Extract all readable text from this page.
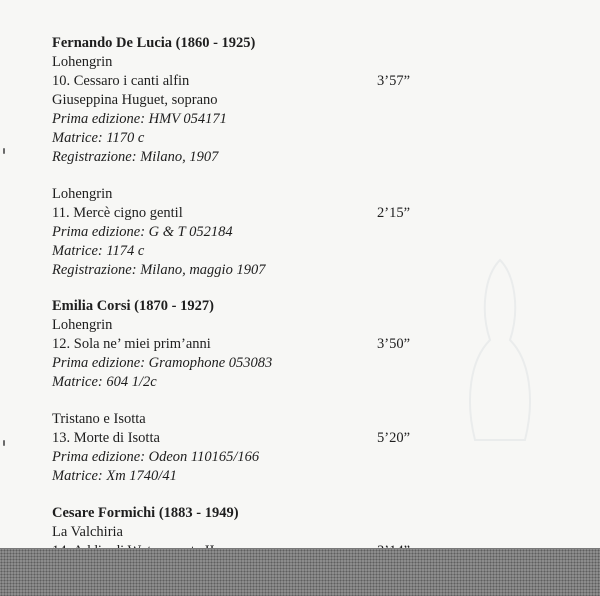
Fernando De Lucia (1860 - 1925)
Lohengrin
10. Cessaro i canti alfin	3’57”
Giuseppina Huguet, soprano
Prima edizione: HMV 054171
Matrice: 1170 c
Registrazione: Milano, 1907
Lohengrin
11. Mercè cigno gentil	2’15”
Prima edizione: G & T 052184
Matrice: 1174 c
Registrazione: Milano, maggio 1907
Emilia Corsi (1870 - 1927)
Lohengrin
12. Sola ne’ miei prim’anni	3’50”
Prima edizione: Gramophone 053083
Matrice: 604 1/2c
Tristano e Isotta
13. Morte di Isotta	5’20”
Prima edizione: Odeon 110165/166
Matrice: Xm 1740/41
Cesare Formichi (1883 - 1949)
La Valchiria
